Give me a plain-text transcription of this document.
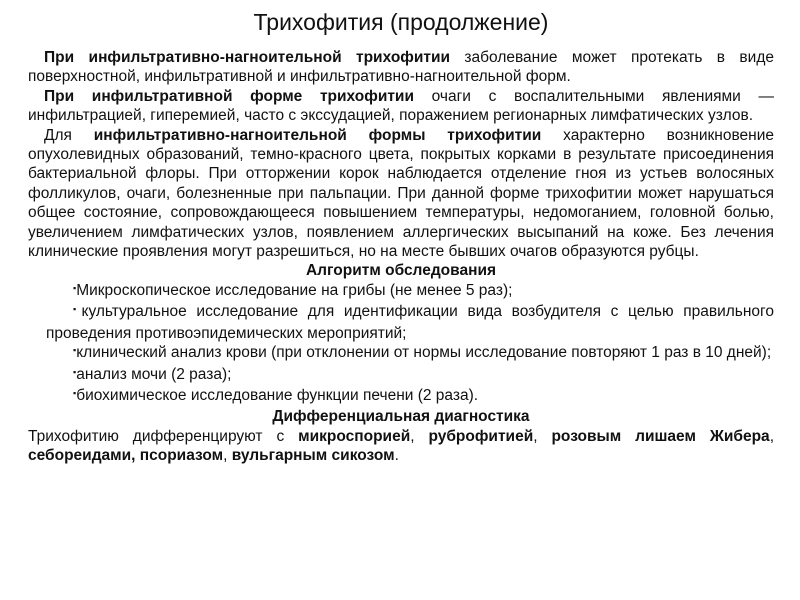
Трихофития (продолжение)

При инфильтративно-нагноительной трихофитии заболевание может протекать в виде поверхностной, инфильтративной и инфильтративно-нагноительной форм.

При инфильтративной форме трихофитии очаги с воспалительными явлениями — инфильтрацией, гиперемией, часто с экссудацией, поражением регионарных лимфатических узлов.

Для инфильтративно-нагноительной формы трихофитии характерно возникновение опухолевидных образований, темно-красного цвета, покрытых корками в результате присоединения бактериальной флоры. При отторжении корок наблюдается отделение гноя из устьев волосяных фолликулов, очаги, болезненные при пальпации. При данной форме трихофитии может нарушаться общее состояние, сопровождающееся повышением температуры, недомоганием, головной болью, увеличением лимфатических узлов, появлением аллергических высыпаний на коже. Без лечения клинические проявления могут разрешиться, но на месте бывших очагов образуются рубцы.

Алгоритм обследования

▪Микроскопическое исследование на грибы (не менее 5 раз);
▪культуральное исследование для идентификации вида возбудителя с целью правильного проведения противоэпидемических мероприятий;
▪клинический анализ крови (при отклонении от нормы исследование повторяют 1 раз в 10 дней);
▪анализ мочи (2 раза);
▪биохимическое исследование функции печени (2 раза).

Дифференциальная диагностика

Трихофитию дифференцируют с микроспорией, руброфитией, розовым лишаем Жибера, себореидами, псориазом, вульгарным сикозом.
